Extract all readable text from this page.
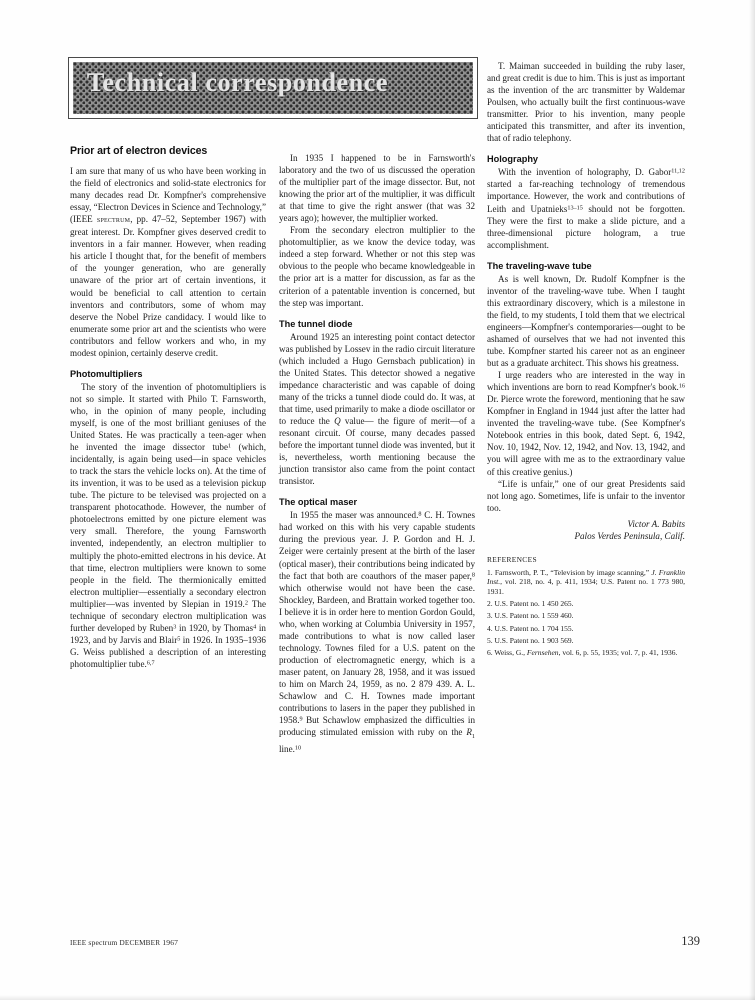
Technical correspondence
Prior art of electron devices

I am sure that many of us who have been working in the field of electronics and solid-state electronics for many decades read Dr. Kompfner's comprehensive essay, “Electron Devices in Science and Technology,” (IEEE spectrum, pp. 47–52, September 1967) with great interest. Dr. Kompfner gives deserved credit to inventors in a fair manner. However, when reading his article I thought that, for the benefit of members of the younger generation, who are generally unaware of the prior art of certain inventions, it would be beneficial to call attention to certain inventors and contributors, some of whom may deserve the Nobel Prize candidacy. I would like to enumerate some prior art and the scientists who were contributors and fellow workers and who, in my modest opinion, certainly deserve credit.

Photomultipliers

The story of the invention of photomultipliers is not so simple. It started with Philo T. Farnsworth, who, in the opinion of many people, including myself, is one of the most brilliant geniuses of the United States. He was practically a teen-ager when he invented the image dissector tube$^1$ (which, incidentally, is again being used—in space vehicles to track the stars the vehicle locks on). At the time of its invention, it was to be used as a television pickup tube. The picture to be televised was projected on a transparent photocathode. However, the number of photoelectrons emitted by one picture element was very small. Therefore, the young Farnsworth invented, independently, an electron multiplier to multiply the photo-emitted electrons in his device. At that time, electron multipliers were known to some people in the field. The thermionically emitted electron multiplier—essentially a secondary electron multiplier—was invented by Slepian in 1919.$^2$ The technique of secondary electron multiplication was further developed by Ruben$^3$ in 1920, by Thomas$^4$ in 1923, and by Jarvis and Blair$^5$ in 1926. In 1935–1936 G. Weiss published a description of an interesting photomultiplier tube.$^{6,7}$

In 1935 I happened to be in Farnsworth's laboratory and the two of us discussed the operation of the multiplier part of the image dissector. But, not knowing the prior art of the multiplier, it was difficult at that time to give the right answer (that was 32 years ago); however, the multiplier worked.

From the secondary electron multiplier to the photomultiplier, as we know the device today, was indeed a step forward. Whether or not this step was obvious to the people who became knowledgeable in the prior art is a matter for discussion, as far as the criterion of a patentable invention is concerned, but the step was important.

The tunnel diode

Around 1925 an interesting point contact detector was published by Lossev in the radio circuit literature (which included a Hugo Gernsbach publication) in the United States. This detector showed a negative impedance characteristic and was capable of doing many of the tricks a tunnel diode could do. It was, at that time, used primarily to make a diode oscillator or to reduce the Q value— the figure of merit—of a resonant circuit. Of course, many decades passed before the important tunnel diode was invented, but it is, nevertheless, worth mentioning because the junction transistor also came from the point contact transistor.

The optical maser

In 1955 the maser was announced.$^8$ C. H. Townes had worked on this with his very capable students during the previous year. J. P. Gordon and H. J. Zeiger were certainly present at the birth of the laser (optical maser), their contributions being indicated by the fact that both are coauthors of the maser paper,$^8$ which otherwise would not have been the case. Shockley, Bardeen, and Brattain worked together too. I believe it is in order here to mention Gordon Gould, who, when working at Columbia University in 1957, made contributions to what is now called laser technology. Townes filed for a U.S. patent on the production of electromagnetic energy, which is a maser patent, on January 28, 1958, and it was issued to him on March 24, 1959, as no. 2 879 439. A. L. Schawlow and C. H. Townes made important contributions to lasers in the paper they published in 1958.$^9$ But Schawlow emphasized the difficulties in producing stimulated emission with ruby on the $R_1$ line.$^{10}$

T. Maiman succeeded in building the ruby laser, and great credit is due to him. This is just as important as the invention of the arc transmitter by Waldemar Poulsen, who actually built the first continuous-wave transmitter. Prior to his invention, many people anticipated this transmitter, and after its invention, that of radio telephony.

Holography

With the invention of holography, D. Gabor$^{11,12}$ started a far-reaching technology of tremendous importance. However, the work and contributions of Leith and Upatnieks$^{13-15}$ should not be forgotten. They were the first to make a slide picture, and a three-dimensional picture hologram, a true accomplishment.

The traveling-wave tube

As is well known, Dr. Rudolf Kompfner is the inventor of the traveling-wave tube. When I taught this extraordinary discovery, which is a milestone in the field, to my students, I told them that we electrical engineers—Kompfner's contemporaries—ought to be ashamed of ourselves that we had not invented this tube. Kompfner started his career not as an engineer but as a graduate architect. This shows his greatness.

I urge readers who are interested in the way in which inventions are born to read Kompfner's book.$^{16}$ Dr. Pierce wrote the foreword, mentioning that he saw Kompfner in England in 1944 just after the latter had invented the traveling-wave tube. (See Kompfner's Notebook entries in this book, dated Sept. 6, 1942, Nov. 10, 1942, Nov. 12, 1942, and Nov. 13, 1942, and you will agree with me as to the extraordinary value of this creative genius.)

“Life is unfair,” one of our great Presidents said not long ago. Sometimes, life is unfair to the inventor too.

Victor A. Babits
Palos Verdes Peninsula, Calif.
REFERENCES

1. Farnsworth, P. T., “Television by image scanning,” J. Franklin Inst., vol. 218, no. 4, p. 411, 1934; U.S. Patent no. 1 773 980, 1931.

2. U.S. Patent no. 1 450 265.

3. U.S. Patent no. 1 559 460.

4. U.S. Patent no. 1 704 155.

5. U.S. Patent no. 1 903 569.

6. Weiss, G., Fernsehen, vol. 6, p. 55, 1935; vol. 7, p. 41, 1936.

IEEE spectrum DECEMBER 1967	139
